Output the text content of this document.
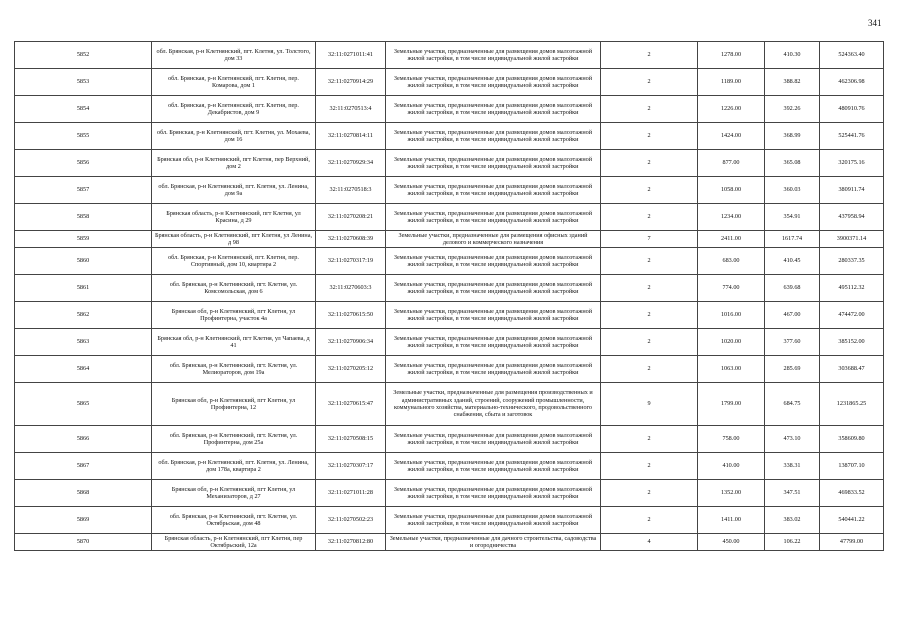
341
5852	обл. Брянская, р-н Клетнянский, пгт. Клетня, ул. Толстого, дом 33	32:11:0271011:41	Земельные участки, предназначенные для размещения домов малоэтажной жилой застройки, в том числе индивидуальной жилой застройки	2	1278.00	410.30	524363.40
5853	обл. Брянская, р-н Клетнянский, пгт. Клетня, пер. Комарова, дом 1	32:11:0270914:29	Земельные участки, предназначенные для размещения домов малоэтажной жилой застройки, в том числе индивидуальной жилой застройки	2	1189.00	388.82	462306.98
5854	обл. Брянская, р-н Клетнянский, пгт. Клетня, пер. Декабристов, дом 9	32:11:0270513:4	Земельные участки, предназначенные для размещения домов малоэтажной жилой застройки, в том числе индивидуальной жилой застройки	2	1226.00	392.26	480910.76
5855	обл. Брянская, р-н Клетнянский, пгт. Клетня, ул. Мохаева, дом 16	32:11:0270814:11	Земельные участки, предназначенные для размещения домов малоэтажной жилой застройки, в том числе индивидуальной жилой застройки	2	1424.00	368.99	525441.76
5856	Брянская обл, р-н Клетнянский, пгт Клетня, пер Верхний, дом 2	32:11:0270929:34	Земельные участки, предназначенные для размещения домов малоэтажной жилой застройки, в том числе индивидуальной жилой застройки	2	877.00	365.08	320175.16
5857	обл. Брянская, р-н Клетнянский, пгт. Клетня, ул. Ленина, дом 9а	32:11:0270518:3	Земельные участки, предназначенные для размещения домов малоэтажной жилой застройки, в том числе индивидуальной жилой застройки	2	1058.00	360.03	380911.74
5858	Брянская область, р-н Клетнянский, пгт Клетня, ул Красина, д 29	32:11:0270208:21	Земельные участки, предназначенные для размещения домов малоэтажной жилой застройки, в том числе индивидуальной жилой застройки	2	1234.00	354.91	437958.94
5859	Брянская область, р-н Клетнянский, пгт Клетня, ул Ленина, д 98	32:11:0270608:39	Земельные участки, предназначенные для размещения офисных зданий делового и коммерческого назначения	7	2411.00	1617.74	3900371.14
5860	обл. Брянская, р-н Клетнянский, пгт. Клетня, пер. Спортивный, дом 10, квартира 2	32:11:0270317:19	Земельные участки, предназначенные для размещения домов малоэтажной жилой застройки, в том числе индивидуальной жилой застройки	2	683.00	410.45	280337.35
5861	обл. Брянская, р-н Клетнянский, пгт. Клетня, ул. Комсомольская, дом 6	32:11:0270603:3	Земельные участки, предназначенные для размещения домов малоэтажной жилой застройки, в том числе индивидуальной жилой застройки	2	774.00	639.68	495112.32
5862	Брянская обл, р-н Клетнянский, пгт Клетня, ул Профинтерна, участок 4а	32:11:0270615:50	Земельные участки, предназначенные для размещения домов малоэтажной жилой застройки, в том числе индивидуальной жилой застройки	2	1016.00	467.00	474472.00
5863	Брянская обл, р-н Клетнянский, пгт Клетня, ул Чапаева, д 41	32:11:0270906:34	Земельные участки, предназначенные для размещения домов малоэтажной жилой застройки, в том числе индивидуальной жилой застройки	2	1020.00	377.60	385152.00
5864	обл. Брянская, р-н Клетнянский, пгт. Клетня, ул. Мелиораторов, дом 19а	32:11:0270205:12	Земельные участки, предназначенные для размещения домов малоэтажной жилой застройки, в том числе индивидуальной жилой застройки	2	1063.00	285.69	303688.47
5865	Брянская обл, р-н Клетнянский, пгт Клетня, ул Профинтерна, 12	32:11:0270615:47	Земельные участки, предназначенные для размещения производственных и административных зданий, строений, сооружений промышленности, коммунального хозяйства, материально-технического, продовольственного снабжения, сбыта и заготовок	9	1799.00	684.75	1231865.25
5866	обл. Брянская, р-н Клетнянский, пгт. Клетня, ул. Профинтерна, дом 25а	32:11:0270508:15	Земельные участки, предназначенные для размещения домов малоэтажной жилой застройки, в том числе индивидуальной жилой застройки	2	758.00	473.10	358609.80
5867	обл. Брянская, р-н Клетнянский, пгт. Клетня, ул. Ленина, дом 178а, квартира 2	32:11:0270307:17	Земельные участки, предназначенные для размещения домов малоэтажной жилой застройки, в том числе индивидуальной жилой застройки	2	410.00	338.31	138707.10
5868	Брянская обл, р-н Клетнянский, пгт Клетня, ул Механизаторов, д 27	32:11:0271011:28	Земельные участки, предназначенные для размещения домов малоэтажной жилой застройки, в том числе индивидуальной жилой застройки	2	1352.00	347.51	469833.52
5869	обл. Брянская, р-н Клетнянский, пгт. Клетня, ул. Октябрьская, дом 48	32:11:0270502:23	Земельные участки, предназначенные для размещения домов малоэтажной жилой застройки, в том числе индивидуальной жилой застройки	2	1411.00	383.02	540441.22
5870	Брянская область, р-н Клетнянский, пгт Клетня, пер Октябрьский, 12а	32:11:0270812:80	Земельные участки, предназначенные для дачного строительства, садоводства и огородничества	4	450.00	106.22	47799.00
